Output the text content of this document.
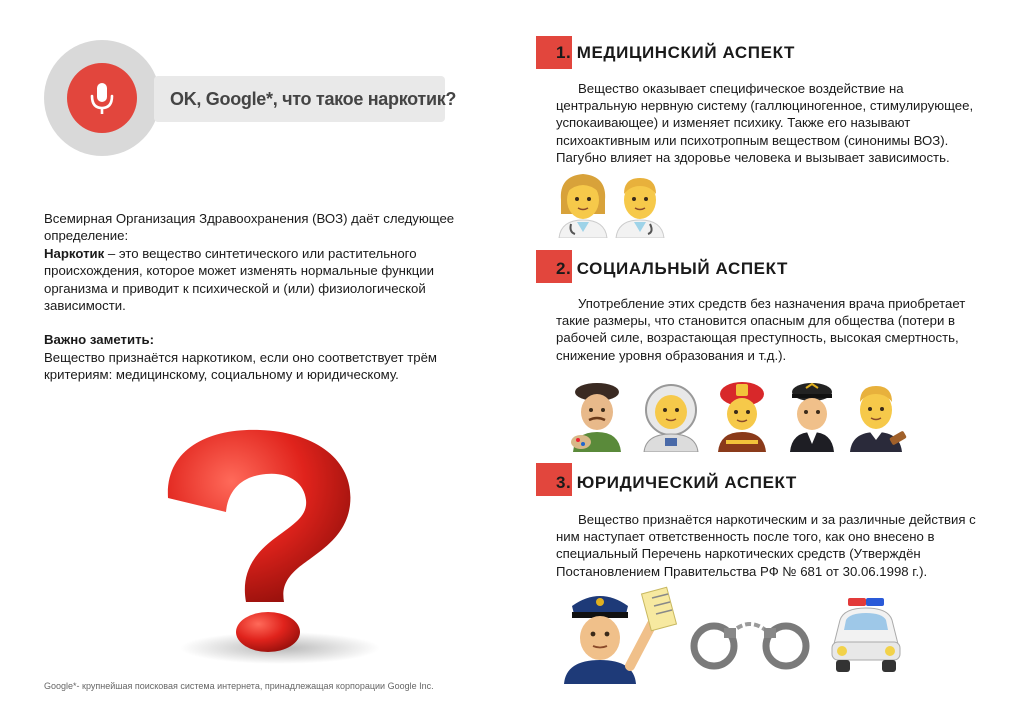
OK, Google*, что такое наркотик?

Всемирная Организация Здравоохранения (ВОЗ) даёт следующее определение:

Наркотик – это вещество синтетического или растительного происхождения, которое может изменять нормальные функции организма и приводит к психической и (или) физиологической зависимости.

Важно заметить:

Вещество признаётся наркотиком, если оно соответствует трём критериям: медицинскому, социальному и юридическому.

Google*- крупнейшая поисковая система интернета, принадлежащая корпорации Google Inc.
1. МЕДИЦИНСКИЙ АСПЕКТ
Вещество оказывает специфическое воздействие на центральную нервную систему (галлюциногенное, стимулирующее, успокаивающее) и изменяет психику. Также его называют психоактивным или психотропным веществом (синонимы ВОЗ). Пагубно влияет на здоровье человека и вызывает зависимость.
2. СОЦИАЛЬНЫЙ АСПЕКТ
Употребление этих средств без назначения врача приобретает такие размеры, что становится опасным для общества (потери в рабочей силе, возрастающая преступность, высокая смертность, снижение уровня образования и т.д.).
3. ЮРИДИЧЕСКИЙ АСПЕКТ
Вещество признаётся наркотическим и за различные действия с ним наступает ответственность после того, как оно внесено в специальный Перечень наркотических средств (Утверждён Постановлением Правительства РФ № 681 от 30.06.1998 г.).
